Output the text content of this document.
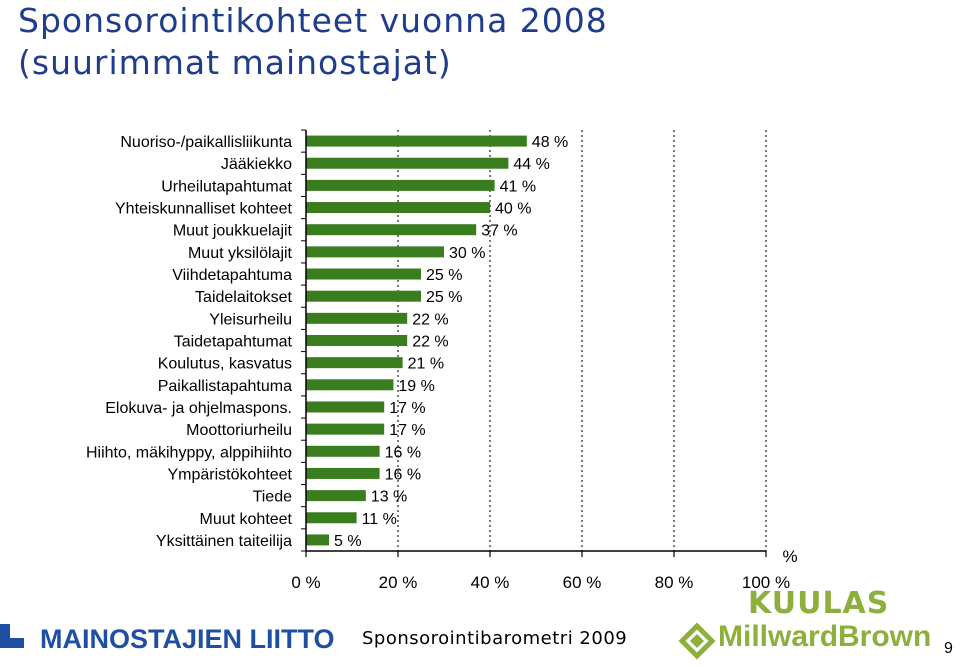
Sponsorointikohteet vuonna 2008
(suurimmat mainostajat)
Nuoriso-/paikallisliikunta	48 %
Jääkiekko	44 %
Urheilutapahtumat	41 %
Yhteiskunnalliset kohteet	40 %
Muut joukkuelajit	37 %
Muut yksilölajit	30 %
Viihdetapahtuma	25 %
Taidelaitokset	25 %
Yleisurheilu	22 %
Taidetapahtumat	22 %
Koulutus, kasvatus	21 %
Paikallistapahtuma	19 %
Elokuva- ja ohjelmaspons.	17 %
Moottoriurheilu	17 %
Hiihto, mäkihyppy, alppihiihto	16 %
Ympäristökohteet	16 %
Tiede	13 %
Muut kohteet	11 %
Yksittäinen taiteilija	5 %
0 %	20 %	40 %	60 %	80 %	100 %
%
MAINOSTAJIEN LIITTO Sponsorointibarometri 2009
KUULAS
MillwardBrown 9
